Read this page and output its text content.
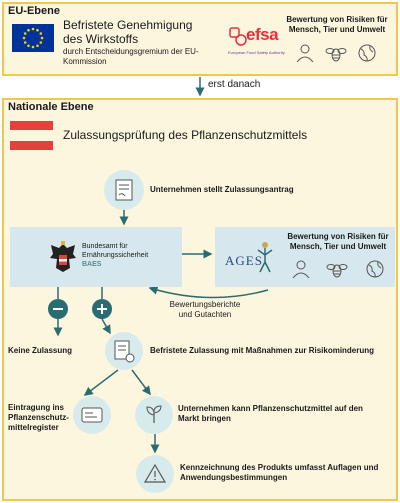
EU-Ebene
Befristete Genehmigung des Wirkstoffs
durch Entscheidungsgremium der EU-Kommission
efsa
European Food Safety Authority
Bewertung von Risiken für Mensch, Tier und Umwelt
erst danach
Nationale Ebene
Zulassungsprüfung des Pflanzenschutzmittels
Unternehmen stellt Zulassungsantrag
Bundesamt für Ernährungssicherheit
BAES	AGES
Bewertung von Risiken für Mensch, Tier und Umwelt
Bewertungsberichte und Gutachten
Keine Zulassung	Befristete Zulassung mit Maßnahmen zur Risikominderung
Eintragung ins Pflanzenschutz-mittelregister
Unternehmen kann Pflanzenschutzmittel auf den Markt bringen
Kennzeichnung des Produkts umfasst Auflagen und Anwendungsbestimmungen
